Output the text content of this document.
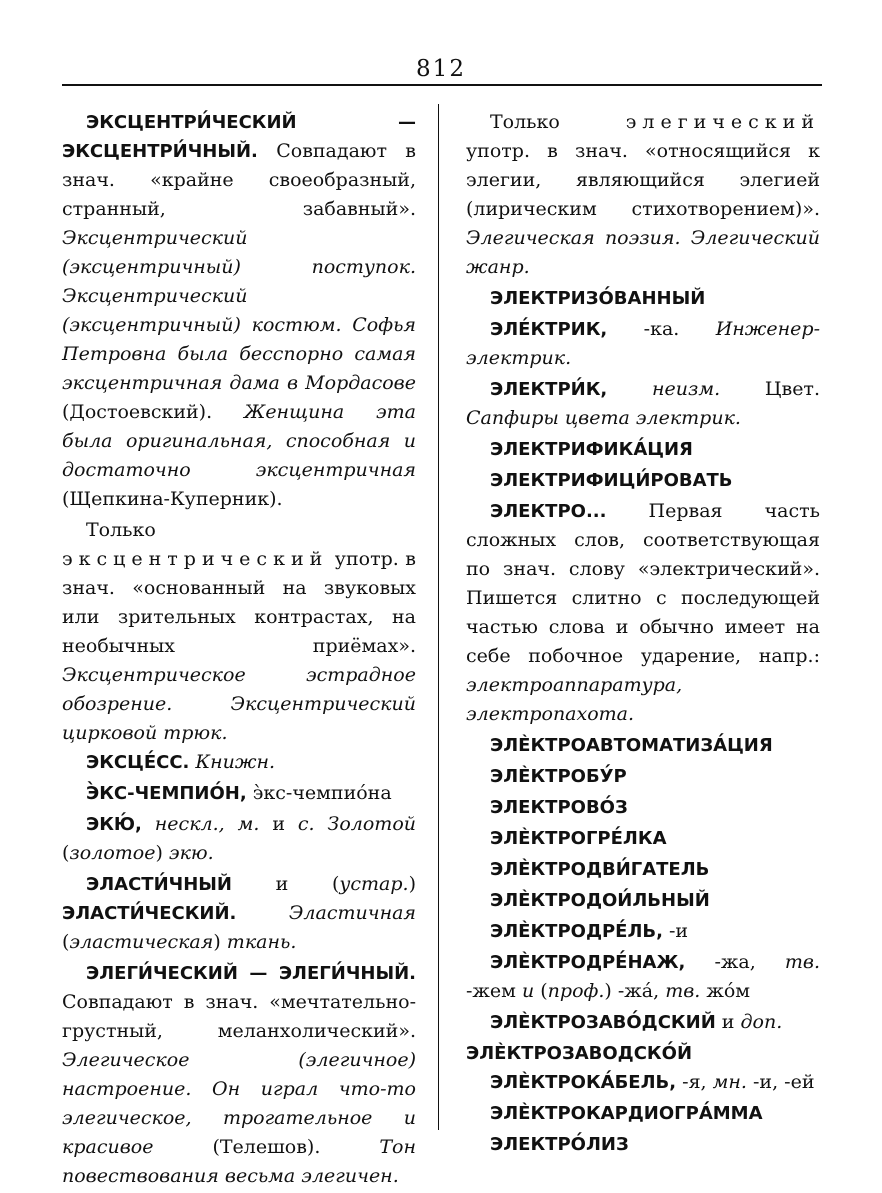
812

ЭКСЦЕНТРИ́ЧЕСКИЙ — ЭКСЦЕНТРИ́ЧНЫЙ. Совпадают в знач. «крайне своеобразный, странный, забавный». Эксцентрический (эксцентричный) поступок. Эксцентрический (эксцентричный) костюм. Софья Петровна была бесспорно самая эксцентричная дама в Мордасове (Достоевский). Женщина эта была оригинальная, способная и достаточно эксцентричная (Щепкина-Куперник).

Только эксцентрический употр. в знач. «основанный на звуковых или зрительных контрастах, на необычных приёмах». Эксцентрическое эстрадное обозрение. Эксцентрический цирковой трюк.

ЭКСЦЕ́СС. Книжн.

Э̀КС-ЧЕМПИО́Н, э̀кс-чемпио́на

ЭКЮ́, нескл., м. и с. Золотой (золотое) экю.

ЭЛАСТИ́ЧНЫЙ и (устар.) ЭЛАСТИ́ЧЕСКИЙ. Эластичная (эластическая) ткань.

ЭЛЕГИ́ЧЕСКИЙ — ЭЛЕГИ́ЧНЫЙ. Совпадают в знач. «мечтательно-грустный, меланхолический». Элегическое (элегичное) настроение. Он играл что-то элегическое, трогательное и красивое (Телешов). Тон повествования весьма элегичен.

Только элегический употр. в знач. «относящийся к элегии, являющийся элегией (лирическим стихотворением)». Элегическая поэзия. Элегический жанр.

ЭЛЕКТРИЗО́ВАННЫЙ

ЭЛЕ́КТРИК, -ка. Инженер-электрик.

ЭЛЕКТРИ́К, неизм. Цвет. Сапфиры цвета электрик.

ЭЛЕКТРИФИКА́ЦИЯ

ЭЛЕКТРИФИЦИ́РОВАТЬ

ЭЛЕКТРО... Первая часть сложных слов, соответствующая по знач. слову «электрический». Пишется слитно с последующей частью слова и обычно имеет на себе побочное ударение, напр.: электроаппаратура, электропахота.

ЭЛЀКТРОАВТОМАТИЗА́ЦИЯ

ЭЛЀКТРОБУ́Р

ЭЛЕКТРОВО́З

ЭЛЀКТРОГРЕ́ЛКА

ЭЛЀКТРОДВИ́ГАТЕЛЬ

ЭЛЀКТРОДОИ́ЛЬНЫЙ

ЭЛЀКТРОДРЕ́ЛЬ, -и

ЭЛЀКТРОДРЕ́НАЖ, -жа, тв. -жем и (проф.) -жа́, тв. жо́м

ЭЛЀКТРОЗАВО́ДСКИЙ и доп.

ЭЛЀКТРОЗАВОДСКО́Й

ЭЛЀКТРОКА́БЕЛЬ, -я, мн. -и, -ей

ЭЛЀКТРОКАРДИОГРА́ММА

ЭЛЕКТРО́ЛИЗ
